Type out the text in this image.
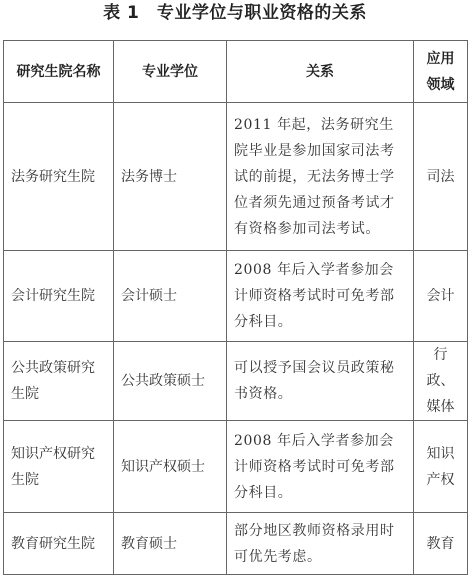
表 1　专业学位与职业资格的关系
研究生院名称	专业学位	关系	应用领域
法务研究生院	法务博士	2011 年起，法务研究生院毕业是参加国家司法考试的前提，无法务博士学位者须先通过预备考试才有资格参加司法考试。	司法
会计研究生院	会计硕士	2008 年后入学者参加会计师资格考试时可免考部分科目。	会计
公共政策研究生院	公共政策硕士	可以授予国会议员政策秘书资格。	行政、媒体
知识产权研究生院	知识产权硕士	2008 年后入学者参加会计师资格考试时可免考部分科目。	知识产权
教育研究生院	教育硕士	部分地区教师资格录用时可优先考虑。	教育
